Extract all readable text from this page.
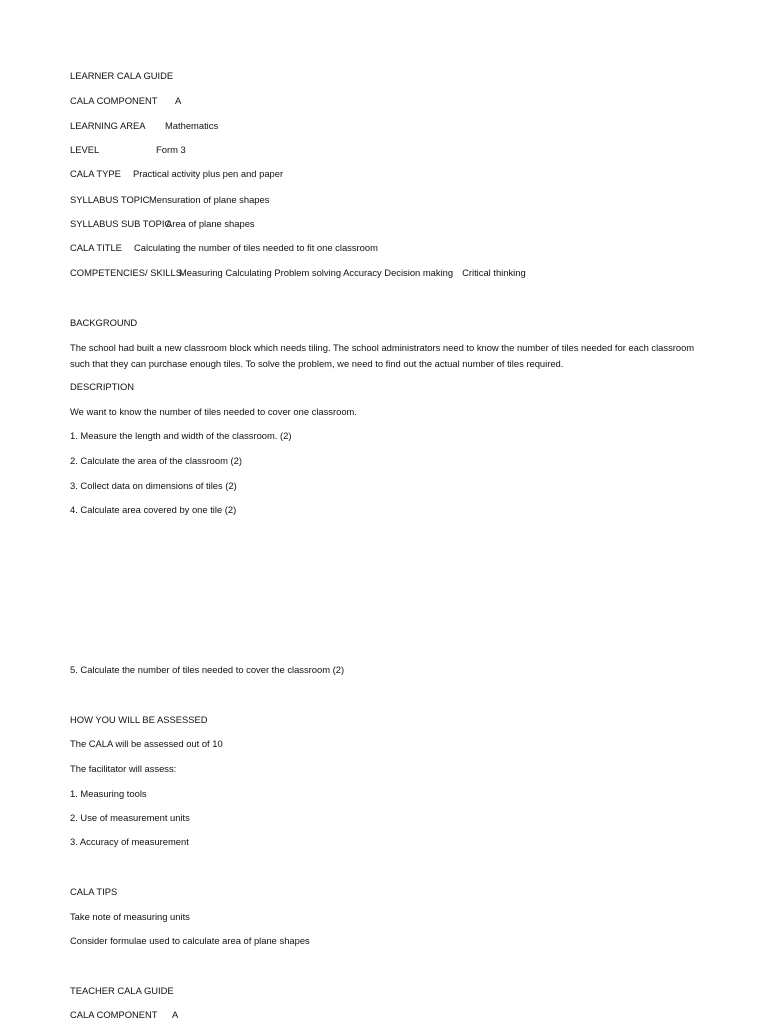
LEARNER CALA GUIDE
CALA COMPONENT A
LEARNING AREA Mathematics
LEVEL	Form 3
CALA TYPE Practical activity plus pen and paper
SYLLABUS TOPICMensuration of plane shapes
SYLLABUS SUB TOPICArea of plane shapes
CALA TITLE Calculating the number of tiles needed to fit one classroom
COMPETENCIES/ SKILLSMeasuring Calculating Problem solving Accuracy Decision making Critical thinking
BACKGROUND
The school had built a new classroom block which needs tiling. The school administrators need to know the number of tiles needed for each classroom such that they can purchase enough tiles. To solve the problem, we need to find out the actual number of tiles required.
DESCRIPTION
We want to know the number of tiles needed to cover one classroom.
1. Measure the length and width of the classroom. (2)
2. Calculate the area of the classroom (2)
3. Collect data on dimensions of tiles (2)
4. Calculate area covered by one tile (2)
5. Calculate the number of tiles needed to cover the classroom (2)
HOW YOU WILL BE ASSESSED
The CALA will be assessed out of 10
The facilitator will assess:
1. Measuring tools
2. Use of measurement units
3. Accuracy of measurement
CALA TIPS
Take note of measuring units
Consider formulae used to calculate area of plane shapes
TEACHER CALA GUIDE
CALA COMPONENT A
